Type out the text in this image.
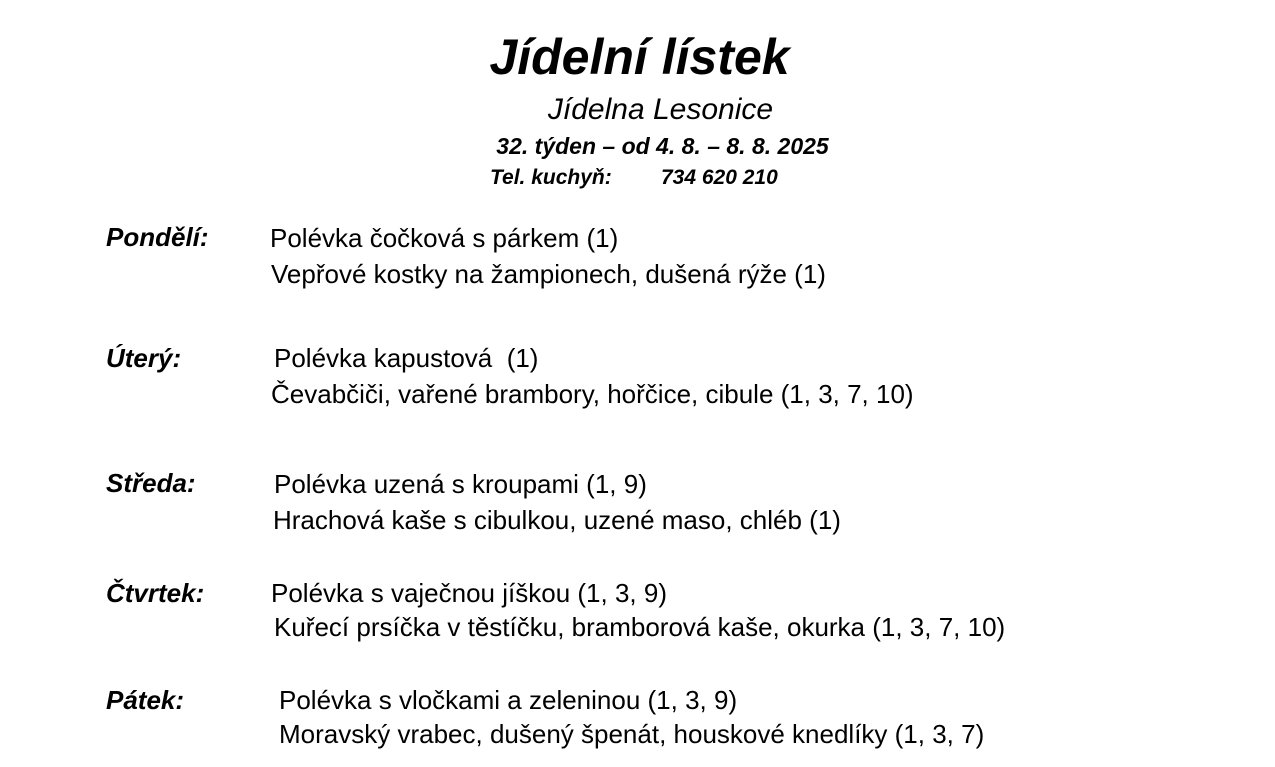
Jídelní lístek
Jídelna Lesonice
32. týden – od 4. 8. – 8. 8. 2025
Tel. kuchyň: 734 620 210
Pondělí: Polévka čočková s párkem (1)
Vepřové kostky na žampionech, dušená rýže (1)
Úterý:	Polévka kapustová  (1)
Čevabčiči, vařené brambory, hořčice, cibule (1, 3, 7, 10)
Středa:	Polévka uzená s kroupami (1, 9)
Hrachová kaše s cibulkou, uzené maso, chléb (1)
Čtvrtek:	Polévka s vaječnou jíškou (1, 3, 9)
Kuřecí prsíčka v těstíčku, bramborová kaše, okurka (1, 3, 7, 10)
Pátek:	Polévka s vločkami a zeleninou (1, 3, 9)
Moravský vrabec, dušený špenát, houskové knedlíky (1, 3, 7)
